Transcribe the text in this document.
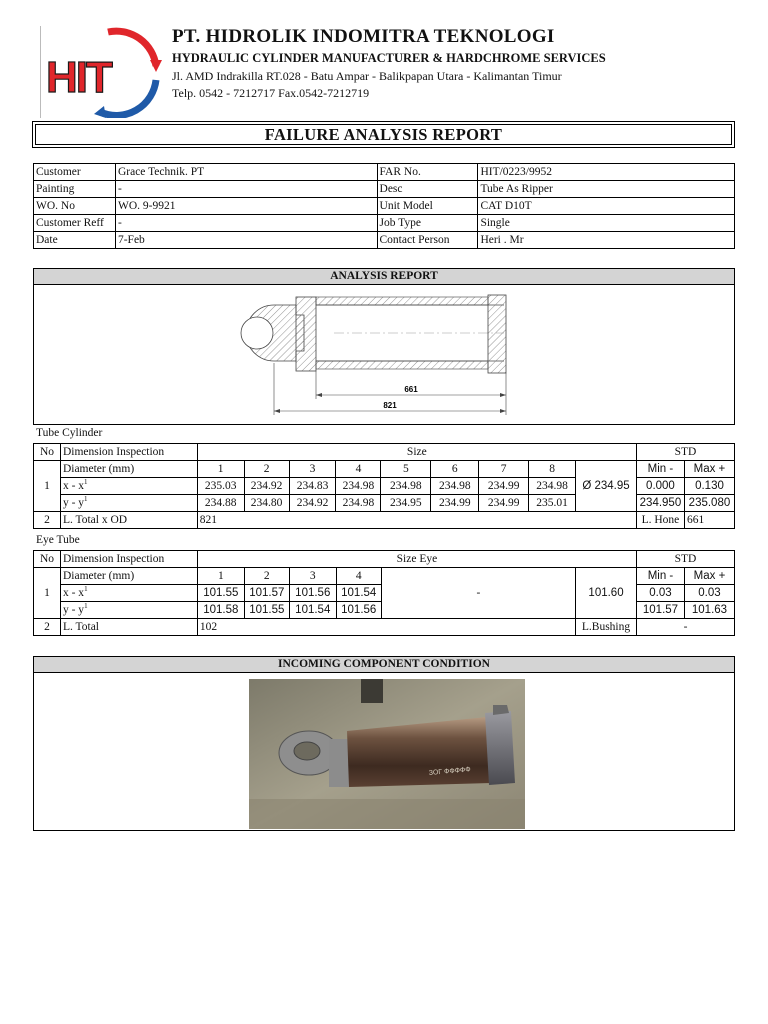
HIT
PT. HIDROLIK INDOMITRA TEKNOLOGI
HYDRAULIC CYLINDER MANUFACTURER & HARDCHROME SERVICES
Jl. AMD Indrakilla RT.028 - Batu Ampar - Balikpapan Utara - Kalimantan Timur
Telp. 0542 - 7212717 Fax.0542-7212719
FAILURE ANALYSIS REPORT
Customer	Grace Technik. PT	FAR No.	HIT/0223/9952
Painting	-	Desc	Tube As Ripper
WO. No	WO. 9-9921	Unit Model	CAT D10T
Customer Reff	-	Job Type	Single
Date	7-Feb	Contact Person	Heri . Mr
ANALYSIS REPORT
661
821
Tube Cylinder
No	Dimension Inspection	Size									STD	
1	Diameter (mm)	1	2	3	4	5	6	7	8	Ø 234.95	Min -	Max +
	x - $x^1$	235.03	234.92	234.83	234.98	234.98	234.98	234.99	234.98		0.000	0.130
	y - $y^1$	234.88	234.80	234.92	234.98	234.95	234.99	234.99	235.01		234.950	235.080
2	L. Total x OD	821									L. Hone	661
Eye Tube
No	Dimension Inspection	Size Eye						STD	
1	Diameter (mm)	1	2	3	4	-	101.60	Min -	Max +
	x - $x^1$	101.55	101.57	101.56	101.54			0.03	0.03
	y - $y^1$	101.58	101.55	101.54	101.56			101.57	101.63
2	L. Total	102					L.Bushing	-	
INCOMING COMPONENT CONDITION
ЗОГ ФФФФФ
